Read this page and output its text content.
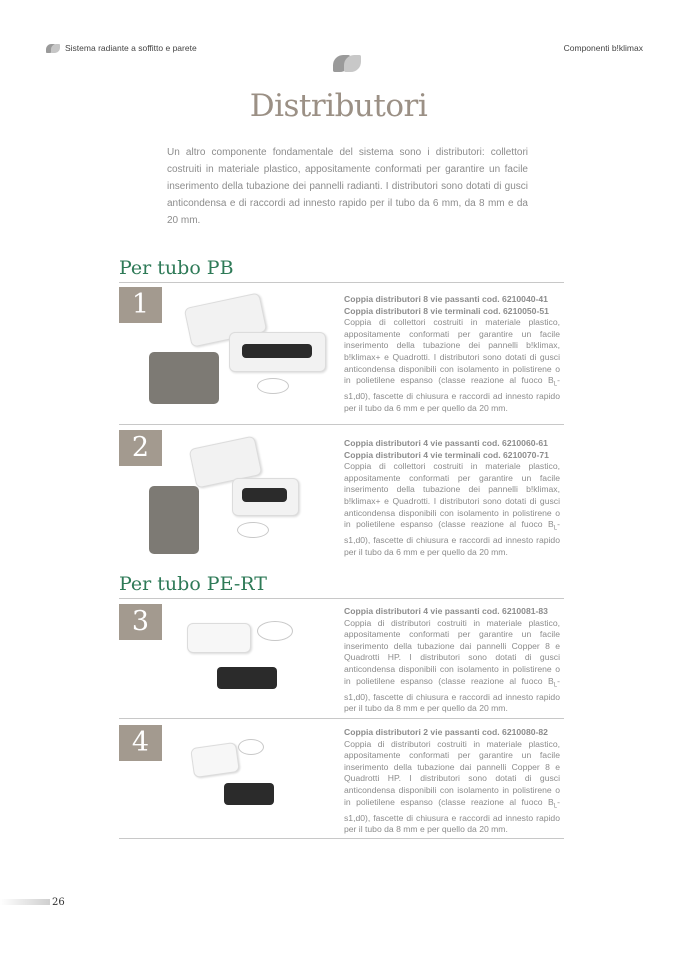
Sistema radiante a soffitto e parete	Componenti b!klimax
Distributori
Un altro componente fondamentale del sistema sono i distributori: collettori costruiti in materiale plastico, appositamente conformati per garantire un facile inserimento della tubazione dei pannelli radianti. I distributori sono dotati di gusci anticondensa e di raccordi ad innesto rapido per il tubo da 6 mm, da 8 mm e da 20 mm.
Per tubo PB
1	Coppia distributori 8 vie passanti cod. 6210040-41
Coppia distributori 8 vie terminali cod. 6210050-51
Coppia di collettori costruiti in materiale plastico, appositamente conformati per garantire un facile inserimento della tubazione dei pannelli b!klimax, b!klimax+ e Quadrotti. I distributori sono dotati di gusci anticondensa disponibili con isolamento in polistirene o in polietilene espanso (classe reazione al fuoco $B_L-s1,d0$), fascette di chiusura e raccordi ad innesto rapido per il tubo da 6 mm e per quello da 20 mm.
2	Coppia distributori 4 vie passanti cod. 6210060-61
Coppia distributori 4 vie terminali cod. 6210070-71
Coppia di collettori costruiti in materiale plastico, appositamente conformati per garantire un facile inserimento della tubazione dei pannelli b!klimax, b!klimax+ e Quadrotti. I distributori sono dotati di gusci anticondensa disponibili con isolamento in polistirene o in polietilene espanso (classe reazione al fuoco $B_L-s1,d0$), fascette di chiusura e raccordi ad innesto rapido per il tubo da 6 mm e per quello da 20 mm.
Per tubo PE-RT
3	Coppia distributori 4 vie passanti cod. 6210081-83
Coppia di distributori costruiti in materiale plastico, appositamente conformati per garantire un facile inserimento della tubazione dai pannelli Copper 8 e Quadrotti HP. I distributori sono dotati di gusci anticondensa disponibili con isolamento in polistirene o in polietilene espanso (classe reazione al fuoco $B_L-s1,d0$), fascette di chiusura e raccordi ad innesto rapido per il tubo da 8 mm e per quello da 20 mm.
4	Coppia distributori 2 vie passanti cod. 6210080-82
Coppia di distributori costruiti in materiale plastico, appositamente conformati per garantire un facile inserimento della tubazione dai pannelli Copper 8 e Quadrotti HP. I distributori sono dotati di gusci anticondensa disponibili con isolamento in polistirene o in polietilene espanso (classe reazione al fuoco $B_L-s1,d0$), fascette di chiusura e raccordi ad innesto rapido per il tubo da 8 mm e per quello da 20 mm.
26
